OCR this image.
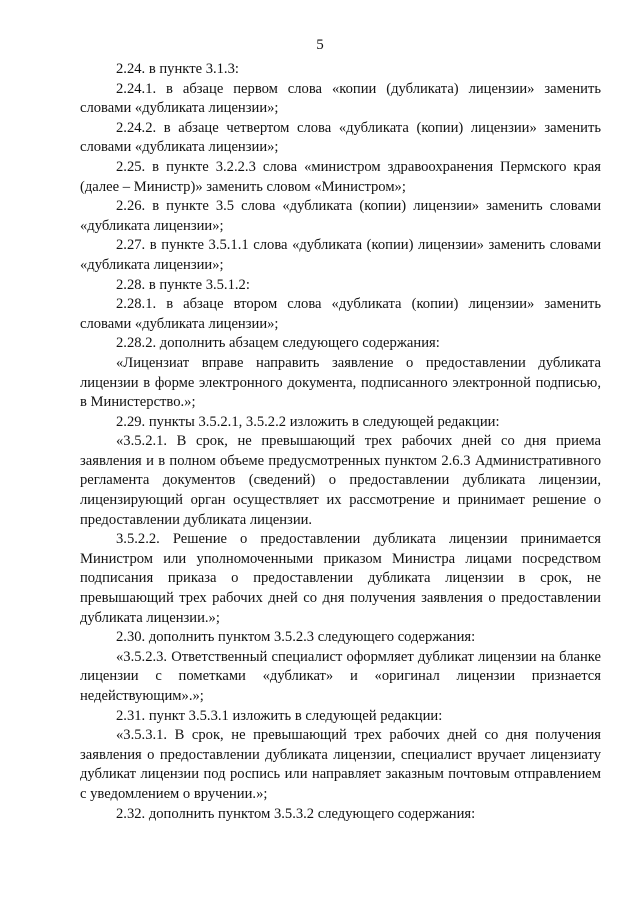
5

2.24. в пункте 3.1.3:

2.24.1. в абзаце первом слова «копии (дубликата) лицензии» заменить словами «дубликата лицензии»;

2.24.2. в абзаце четвертом слова «дубликата (копии) лицензии» заменить словами «дубликата лицензии»;

2.25. в пункте 3.2.2.3 слова «министром здравоохранения Пермского края (далее – Министр)» заменить словом «Министром»;

2.26. в пункте 3.5 слова «дубликата (копии) лицензии» заменить словами «дубликата лицензии»;

2.27. в пункте 3.5.1.1 слова «дубликата (копии) лицензии» заменить словами «дубликата лицензии»;

2.28. в пункте 3.5.1.2:

2.28.1. в абзаце втором слова «дубликата (копии) лицензии» заменить словами «дубликата лицензии»;

2.28.2. дополнить абзацем следующего содержания:

«Лицензиат вправе направить заявление о предоставлении дубликата лицензии в форме электронного документа, подписанного электронной подписью, в Министерство.»;

2.29. пункты 3.5.2.1, 3.5.2.2 изложить в следующей редакции:

«3.5.2.1. В срок, не превышающий трех рабочих дней со дня приема заявления и в полном объеме предусмотренных пунктом 2.6.3 Административного регламента документов (сведений) о предоставлении дубликата лицензии, лицензирующий орган осуществляет их рассмотрение и принимает решение о предоставлении дубликата лицензии.

3.5.2.2. Решение о предоставлении дубликата лицензии принимается Министром или уполномоченными приказом Министра лицами посредством подписания приказа о предоставлении дубликата лицензии в срок, не превышающий трех рабочих дней со дня получения заявления о предоставлении дубликата лицензии.»;

2.30. дополнить пунктом 3.5.2.3 следующего содержания:

«3.5.2.3. Ответственный специалист оформляет дубликат лицензии на бланке лицензии с пометками «дубликат» и «оригинал лицензии признается недействующим».»;

2.31. пункт 3.5.3.1 изложить в следующей редакции:

«3.5.3.1. В срок, не превышающий трех рабочих дней со дня получения заявления о предоставлении дубликата лицензии, специалист вручает лицензиату дубликат лицензии под роспись или направляет заказным почтовым отправлением с уведомлением о вручении.»;

2.32. дополнить пунктом 3.5.3.2 следующего содержания:
